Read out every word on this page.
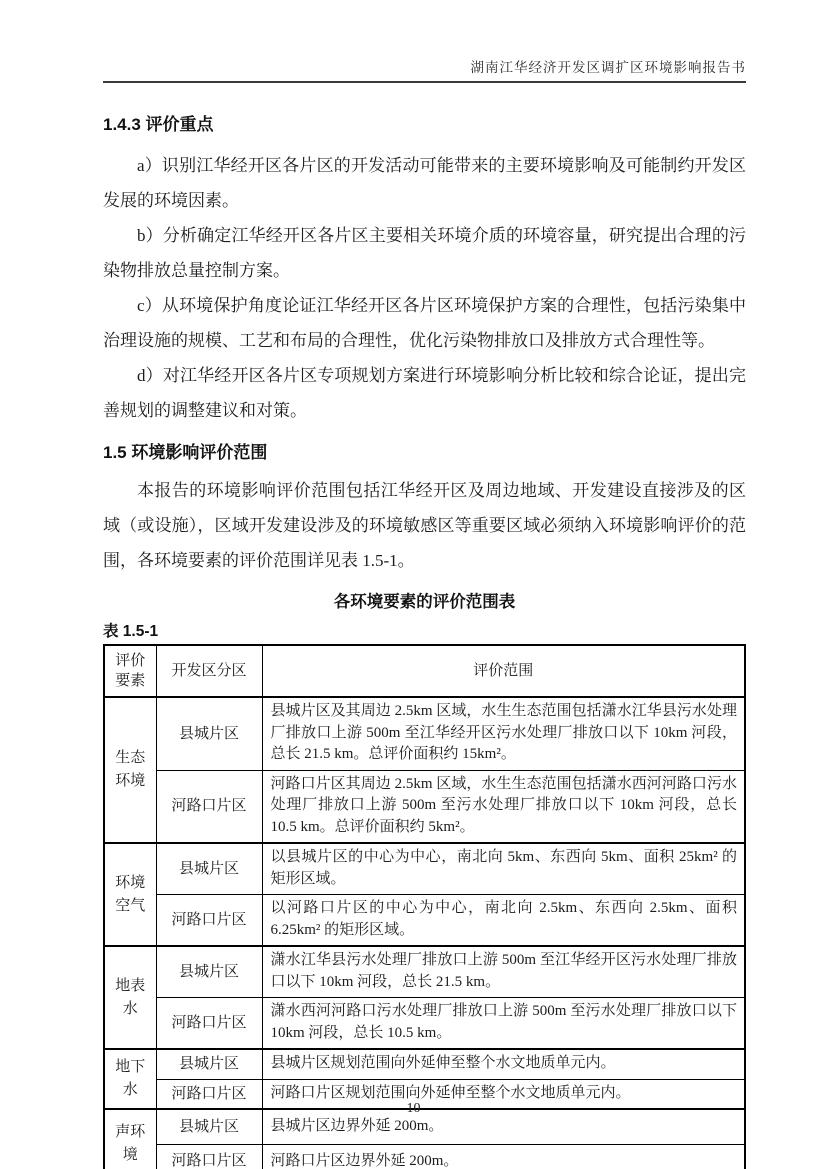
湖南江华经济开发区调扩区环境影响报告书
1.4.3 评价重点

a）识别江华经开区各片区的开发活动可能带来的主要环境影响及可能制约开发区发展的环境因素。

b）分析确定江华经开区各片区主要相关环境介质的环境容量，研究提出合理的污染物排放总量控制方案。

c）从环境保护角度论证江华经开区各片区环境保护方案的合理性，包括污染集中治理设施的规模、工艺和布局的合理性，优化污染物排放口及排放方式合理性等。

d）对江华经开区各片区专项规划方案进行环境影响分析比较和综合论证，提出完善规划的调整建议和对策。

1.5 环境影响评价范围

本报告的环境影响评价范围包括江华经开区及周边地域、开发建设直接涉及的区域（或设施），区域开发建设涉及的环境敏感区等重要区域必须纳入环境影响评价的范围，各环境要素的评价范围详见表 1.5-1。

各环境要素的评价范围表
表 1.5-1
评价要素	开发区分区	评价范围
生态环境	县城片区	县城片区及其周边 2.5km 区域，水生生态范围包括潇水江华县污水处理厂排放口上游 500m 至江华经开区污水处理厂排放口以下 10km 河段，总长 21.5 km。总评价面积约 15km²。
	河路口片区	河路口片区其周边 2.5km 区域，水生生态范围包括潇水西河河路口污水处理厂排放口上游 500m 至污水处理厂排放口以下 10km 河段，总长 10.5 km。总评价面积约 5km²。
环境空气	县城片区	以县城片区的中心为中心，南北向 5km、东西向 5km、面积 25km² 的矩形区域。
	河路口片区	以河路口片区的中心为中心，南北向 2.5km、东西向 2.5km、面积 6.25km² 的矩形区域。
地表水	县城片区	潇水江华县污水处理厂排放口上游 500m 至江华经开区污水处理厂排放口以下 10km 河段，总长 21.5 km。
	河路口片区	潇水西河河路口污水处理厂排放口上游 500m 至污水处理厂排放口以下 10km 河段，总长 10.5 km。
地下水	县城片区	县城片区规划范围向外延伸至整个水文地质单元内。
	河路口片区	河路口片区规划范围向外延伸至整个水文地质单元内。
声环境	县城片区	县城片区边界外延 200m。
	河路口片区	河路口片区边界外延 200m。
10
